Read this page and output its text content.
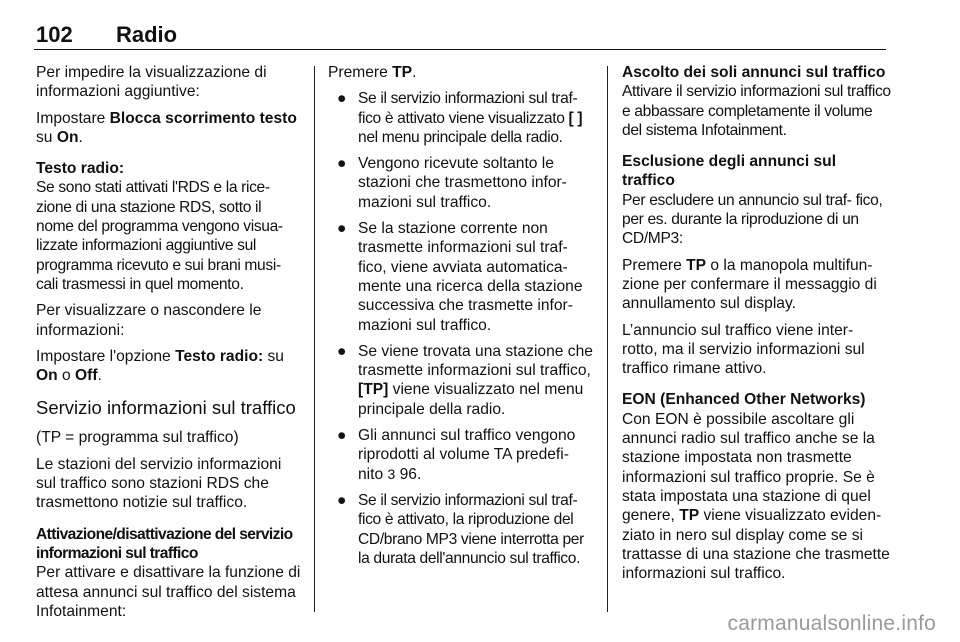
102 Radio

Per impedire la visualizzazione di informazioni aggiuntive:

Impostare Blocca scorrimento testo su On.

Testo radio:

Se sono stati attivati l'RDS e la rice- zione di una stazione RDS, sotto il nome del programma vengono visua- lizzate informazioni aggiuntive sul programma ricevuto e sui brani musi- cali trasmessi in quel momento.

Per visualizzare o nascondere le informazioni:

Impostare l'opzione Testo radio: su On o Off.

Servizio informazioni sul traffico

(TP = programma sul traffico)

Le stazioni del servizio informazioni sul traffico sono stazioni RDS che trasmettono notizie sul traffico.

Attivazione/disattivazione del servizio informazioni sul traffico

Per attivare e disattivare la funzione di attesa annunci sul traffico del sistema Infotainment:

Premere TP.

● Se il servizio informazioni sul traf- fico è attivato viene visualizzato [ ] nel menu principale della radio.
● Vengono ricevute soltanto le stazioni che trasmettono infor- mazioni sul traffico.
● Se la stazione corrente non trasmette informazioni sul traf- fico, viene avviata automatica- mente una ricerca della stazione successiva che trasmette infor- mazioni sul traffico.
● Se viene trovata una stazione che trasmette informazioni sul traffico, [TP] viene visualizzato nel menu principale della radio.
● Gli annunci sul traffico vengono riprodotti al volume TA predefi- nito 3 96.
● Se il servizio informazioni sul traf- fico è attivato, la riproduzione del CD/brano MP3 viene interrotta per la durata dell'annuncio sul traffico.
Ascolto dei soli annunci sul traffico

Attivare il servizio informazioni sul traffico e abbassare completamente il volume del sistema Infotainment.

Esclusione degli annunci sul traffico

Per escludere un annuncio sul traf- fico, per es. durante la riproduzione di un CD/MP3:

Premere TP o la manopola multifun- zione per confermare il messaggio di annullamento sul display.

L’annuncio sul traffico viene inter- rotto, ma il servizio informazioni sul traffico rimane attivo.

EON (Enhanced Other Networks)

Con EON è possibile ascoltare gli annunci radio sul traffico anche se la stazione impostata non trasmette informazioni sul traffico proprie. Se è stata impostata una stazione di quel genere, TP viene visualizzato eviden- ziato in nero sul display come se si trattasse di una stazione che trasmette informazioni sul traffico.

carmanualsonline.info
